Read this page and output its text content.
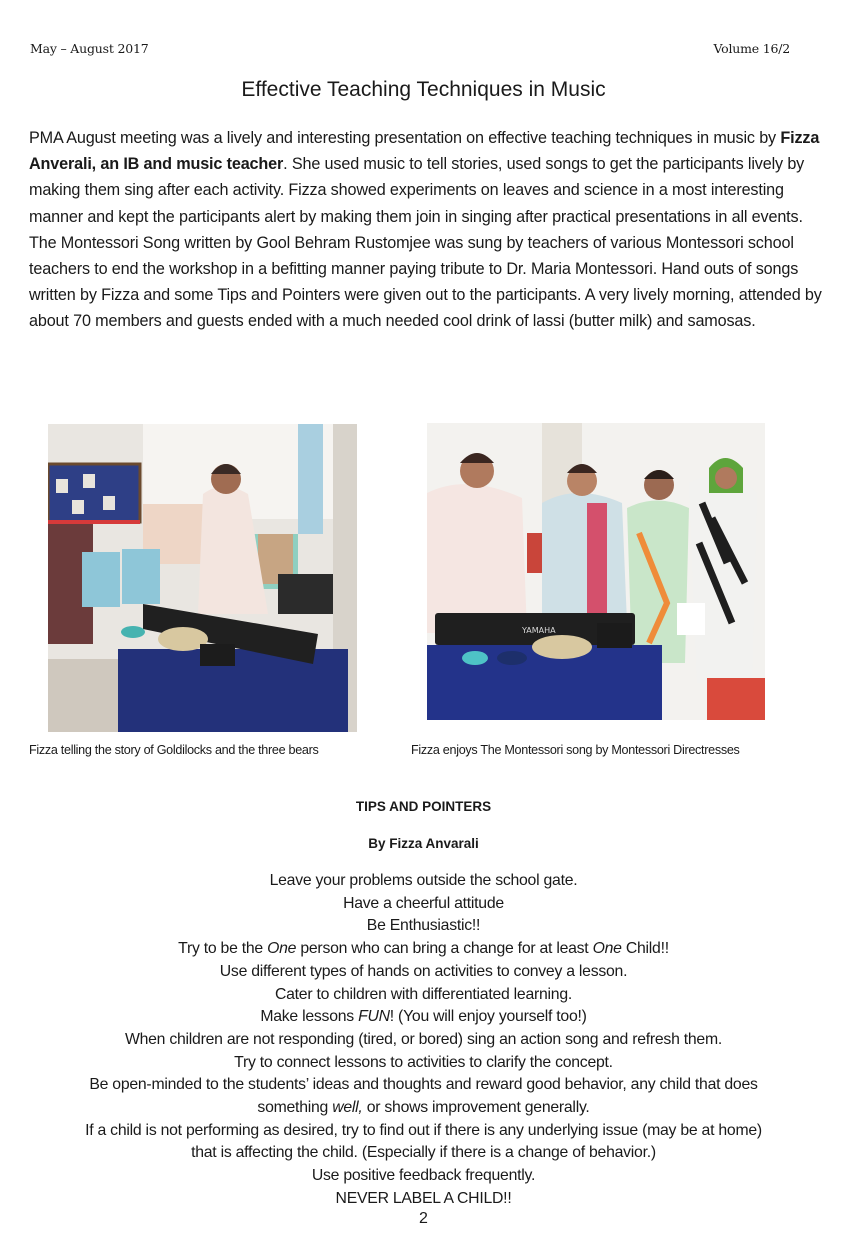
May – August 2017	Volume 16/2
Effective Teaching Techniques in Music
PMA August meeting was a lively and interesting presentation on effective teaching techniques in music by Fizza Anverali, an IB and music teacher. She used music to tell stories, used songs to get the participants lively by making them sing after each activity. Fizza showed experiments on leaves and science in a most interesting manner and kept the participants alert by making them join in singing after practical presentations in all events. The Montessori Song written by Gool Behram Rustomjee was sung by teachers of various Montessori school teachers to end the workshop in a befitting manner paying tribute to Dr. Maria Montessori. Hand outs of songs written by Fizza and some Tips and Pointers were given out to the participants. A very lively morning, attended by about 70 members and guests ended with a much needed cool drink of lassi (butter milk) and samosas.
YAMAHA
Fizza telling the story of Goldilocks and the three bears	Fizza enjoys The Montessori song by Montessori Directresses
TIPS AND POINTERS
By Fizza Anvarali
Leave your problems outside the school gate.
Have a cheerful attitude
Be Enthusiastic!!
Try to be the One person who can bring a change for at least One Child!!
Use different types of hands on activities to convey a lesson.
Cater to children with differentiated learning.
Make lessons FUN! (You will enjoy yourself too!)
When children are not responding (tired, or bored) sing an action song and refresh them.
Try to connect lessons to activities to clarify the concept.
Be open-minded to the students’ ideas and thoughts and reward good behavior, any child that does
something well, or shows improvement generally.
If a child is not performing as desired, try to find out if there is any underlying issue (may be at home)
that is affecting the child. (Especially if there is a change of behavior.)
Use positive feedback frequently.
NEVER LABEL A CHILD!!
2
